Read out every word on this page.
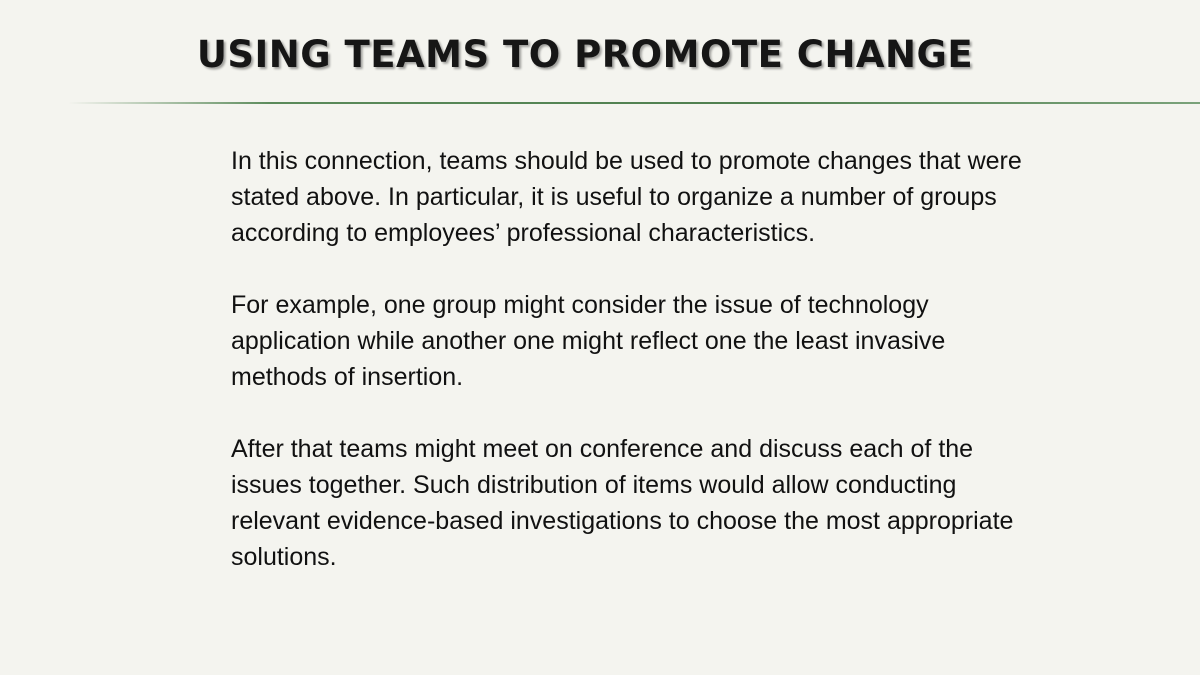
USING TEAMS TO PROMOTE CHANGE

In this connection, teams should be used to promote changes that were stated above. In particular, it is useful to organize a number of groups according to employees’ professional characteristics.

For example, one group might consider the issue of technology application while another one might reflect one the least invasive methods of insertion.

After that teams might meet on conference and discuss each of the issues together. Such distribution of items would allow conducting relevant evidence-based investigations to choose the most appropriate solutions.
